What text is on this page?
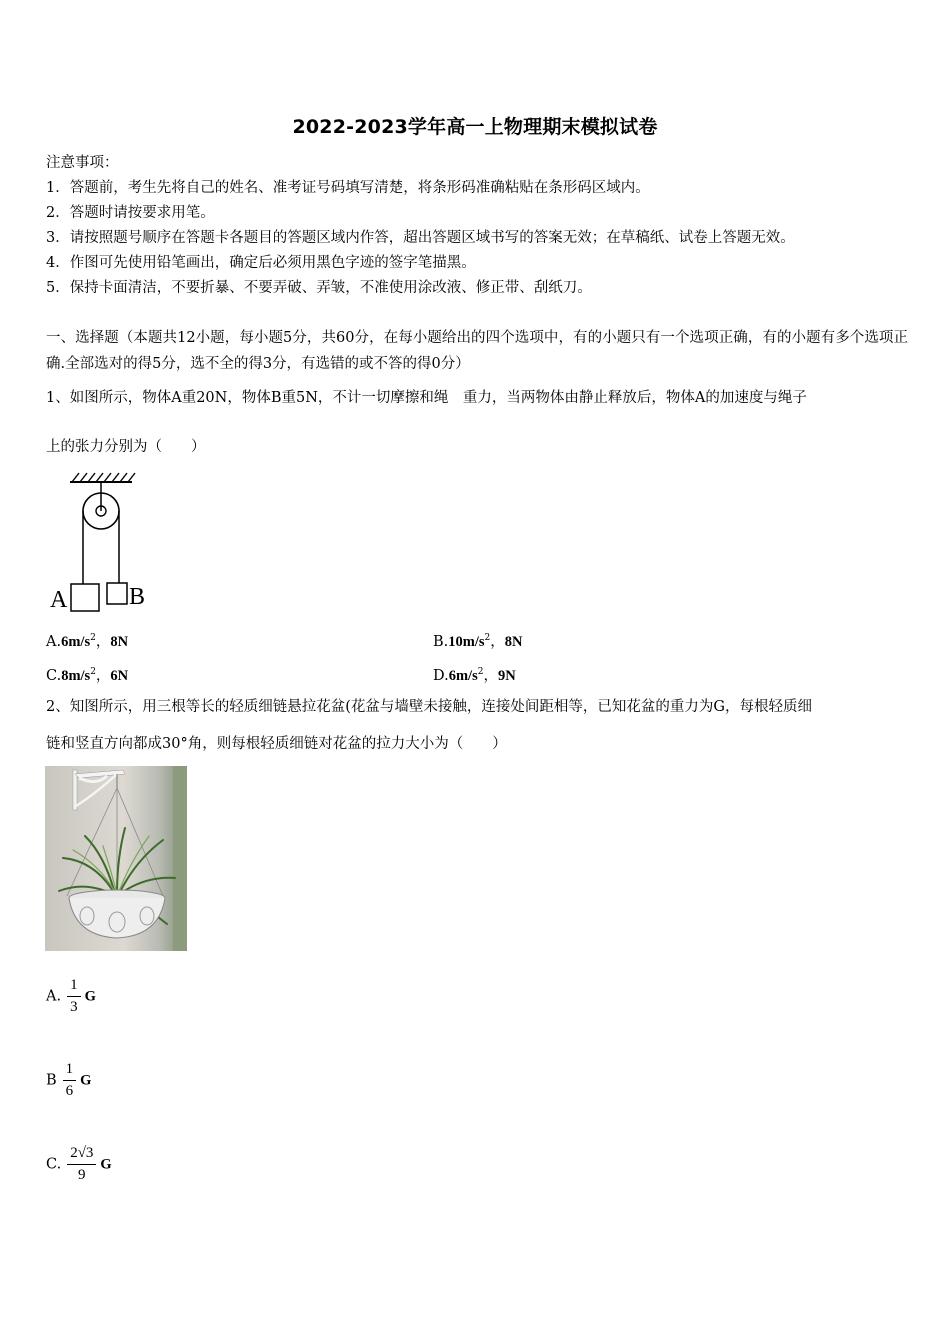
2022-2023学年高一上物理期末模拟试卷
注意事项：
1．答题前，考生先将自己的姓名、准考证号码填写清楚，将条形码准确粘贴在条形码区域内。
2．答题时请按要求用笔。
3．请按照题号顺序在答题卡各题目的答题区域内作答，超出答题区域书写的答案无效；在草稿纸、试卷上答题无效。
4．作图可先使用铅笔画出，确定后必须用黑色字迹的签字笔描黑。
5．保持卡面清洁，不要折暴、不要弄破、弄皱，不准使用涂改液、修正带、刮纸刀。
一、选择题（本题共12小题，每小题5分，共60分，在每小题给出的四个选项中，有的小题只有一个选项正确，有的小题有多个选项正确.全部选对的得5分，选不全的得3分，有选错的或不答的得0分）
1、如图所示，物体A重20N，物体B重5N，不计一切摩擦和绳　重力，当两物体由静止释放后，物体A的加速度与绳子
上的张力分别为（　　）
A	B
$A.6m/s^2$，8N	$B.10m/s^2$，8N
$C.8m/s^2$，6N	$D.6m/s^2$，9N
2、知图所示，用三根等长的轻质细链悬拉花盆(花盆与墙壁未接触，连接处间距相等，已知花盆的重力为G，每根轻质细
链和竖直方向都成30°角，则每根轻质细链对花盆的拉力大小为（　　）
A. $\frac{1}{3}$ G
B $\frac{1}{6}$ G
C. $\frac{2√3}{9}$ G
